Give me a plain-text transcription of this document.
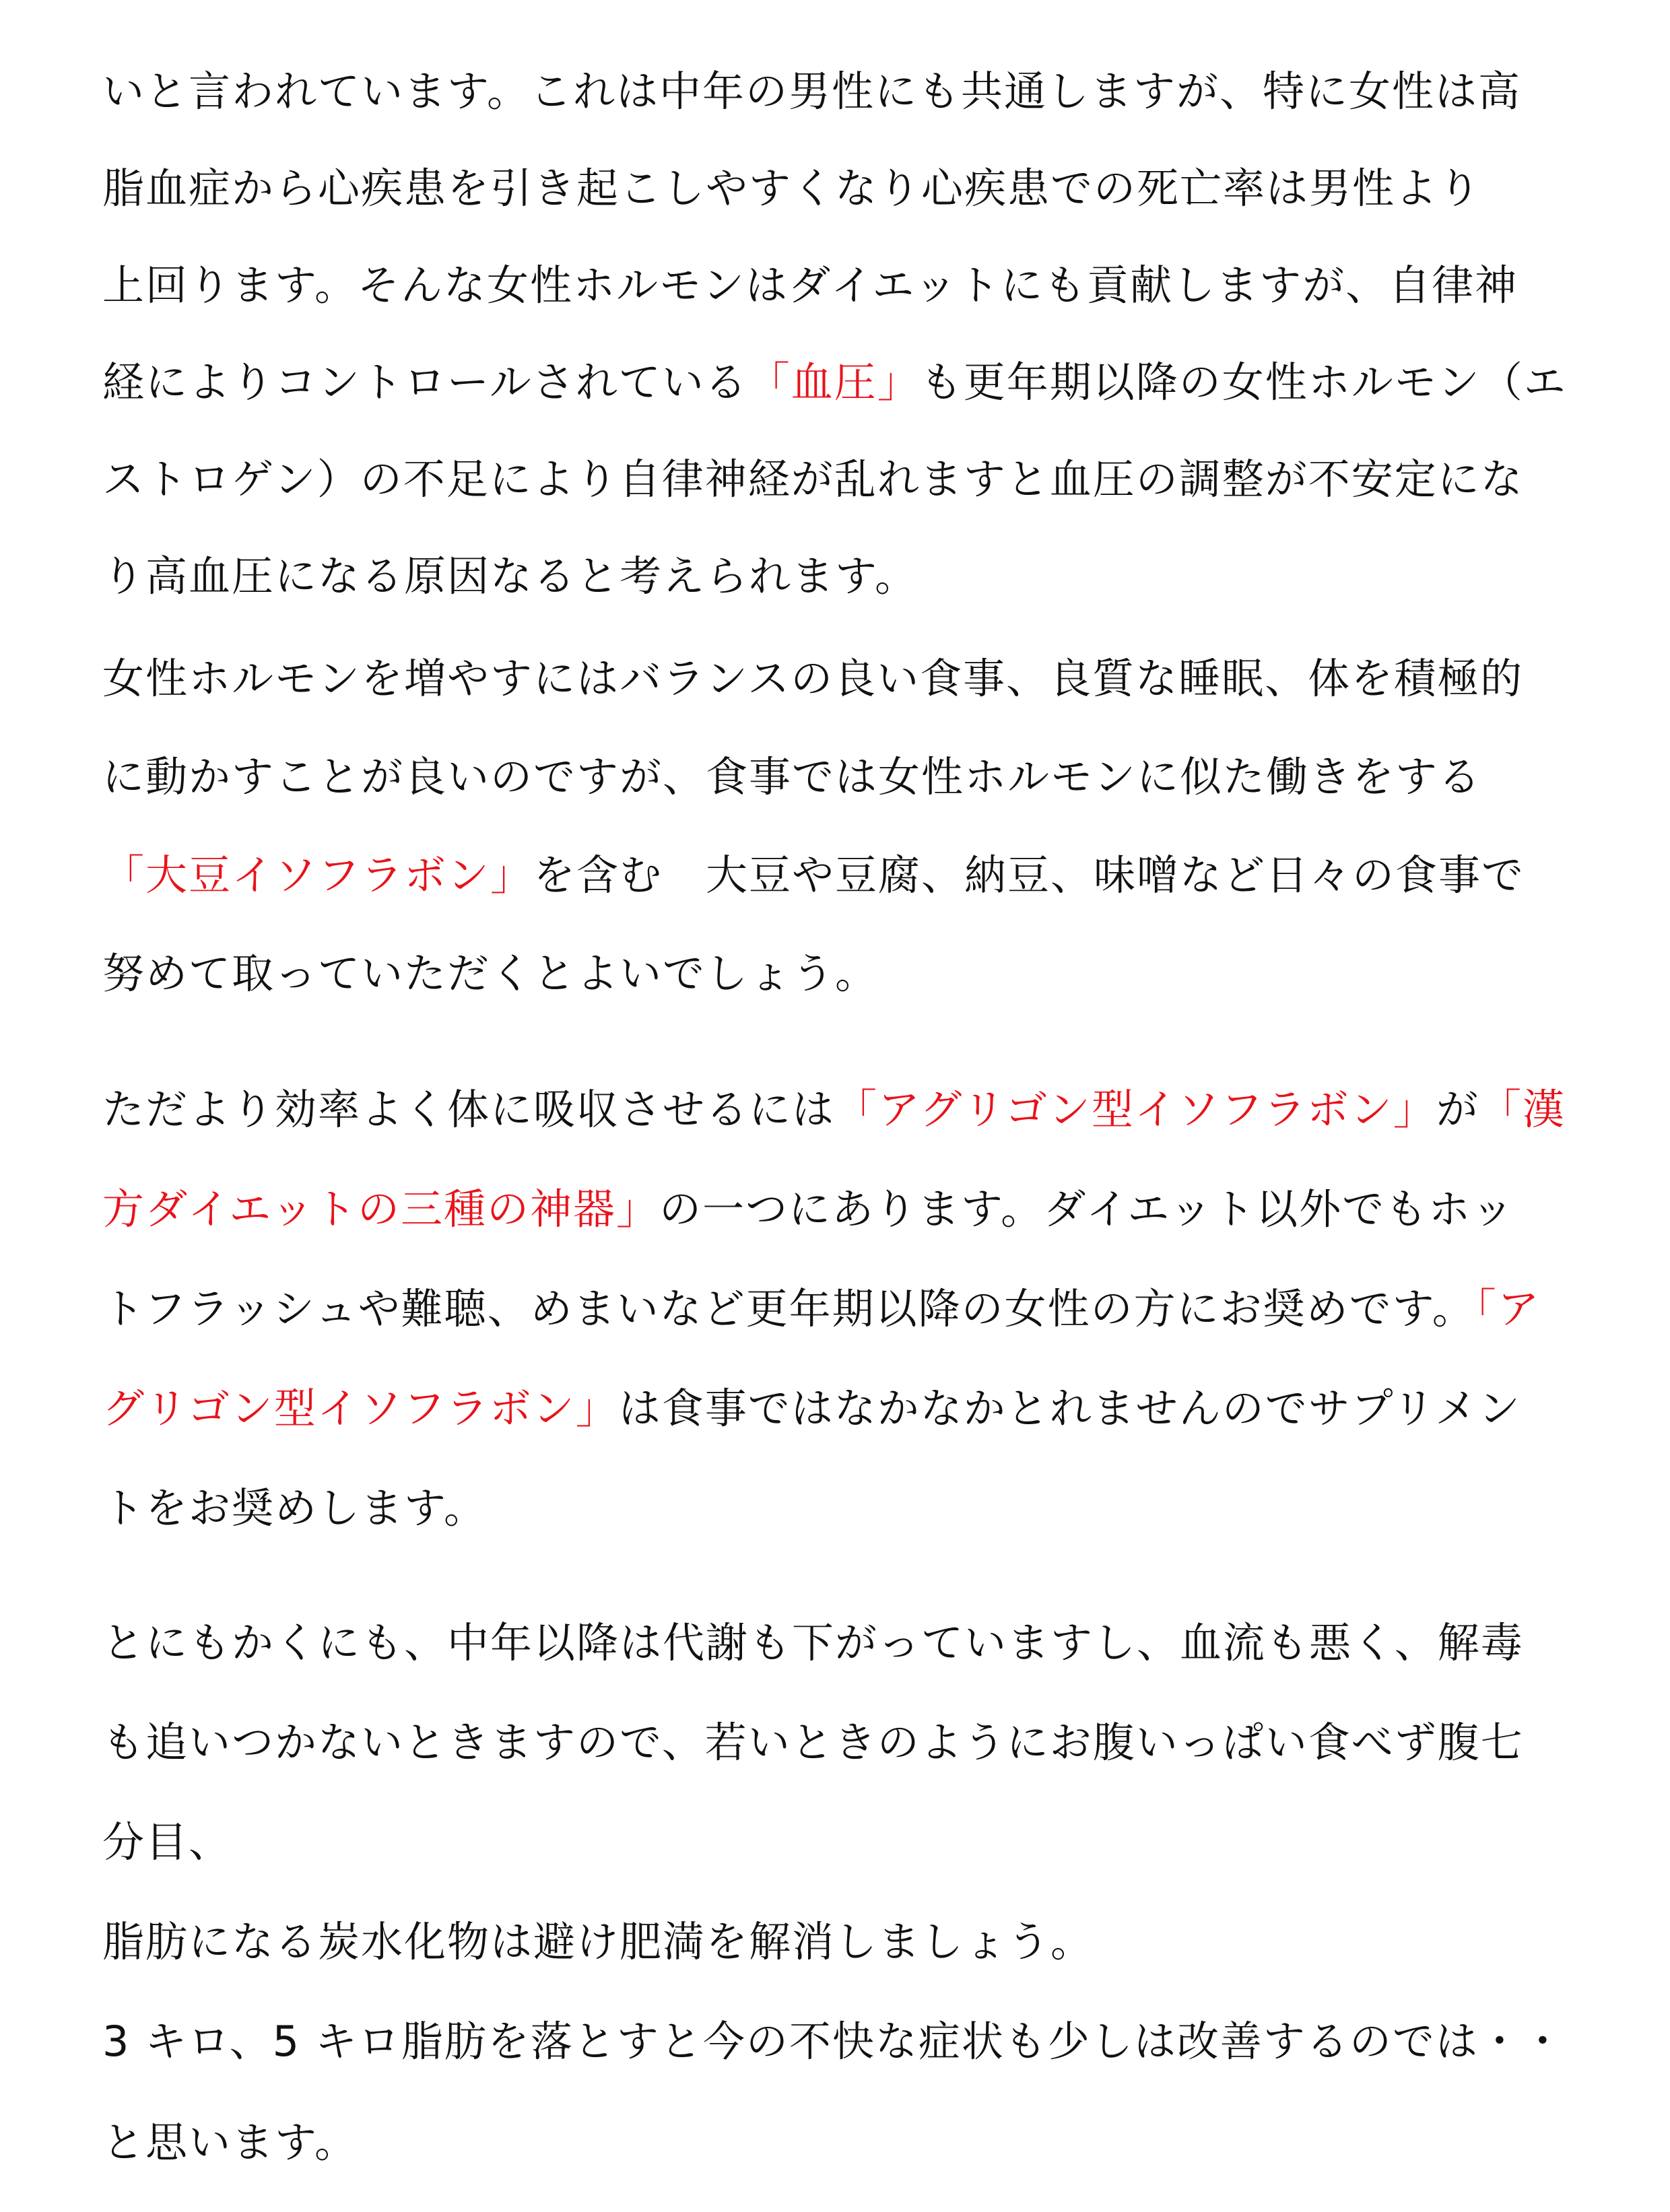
いと言われています。これは中年の男性にも共通しますが、特に女性は高
脂血症から心疾患を引き起こしやすくなり心疾患での死亡率は男性より
上回ります。そんな女性ホルモンはダイエットにも貢献しますが、自律神
経によりコントロールされている「血圧」も更年期以降の女性ホルモン（エ
ストロゲン）の不足により自律神経が乱れますと血圧の調整が不安定にな
り高血圧になる原因なると考えられます。
女性ホルモンを増やすにはバランスの良い食事、良質な睡眠、体を積極的
に動かすことが良いのですが、食事では女性ホルモンに似た働きをする
「大豆イソフラボン」を含む　大豆や豆腐、納豆、味噌など日々の食事で
努めて取っていただくとよいでしょう。
ただより効率よく体に吸収させるには「アグリゴン型イソフラボン」が「漢
方ダイエットの三種の神器」の一つにあります。ダイエット以外でもホッ
トフラッシュや難聴、めまいなど更年期以降の女性の方にお奨めです。「ア
グリゴン型イソフラボン」は食事ではなかなかとれませんのでサプリメン
トをお奨めします。
とにもかくにも、中年以降は代謝も下がっていますし、血流も悪く、解毒
も追いつかないときますので、若いときのようにお腹いっぱい食べず腹七
分目、
脂肪になる炭水化物は避け肥満を解消しましょう。
3 キロ、5 キロ脂肪を落とすと今の不快な症状も少しは改善するのでは・・
と思います。
